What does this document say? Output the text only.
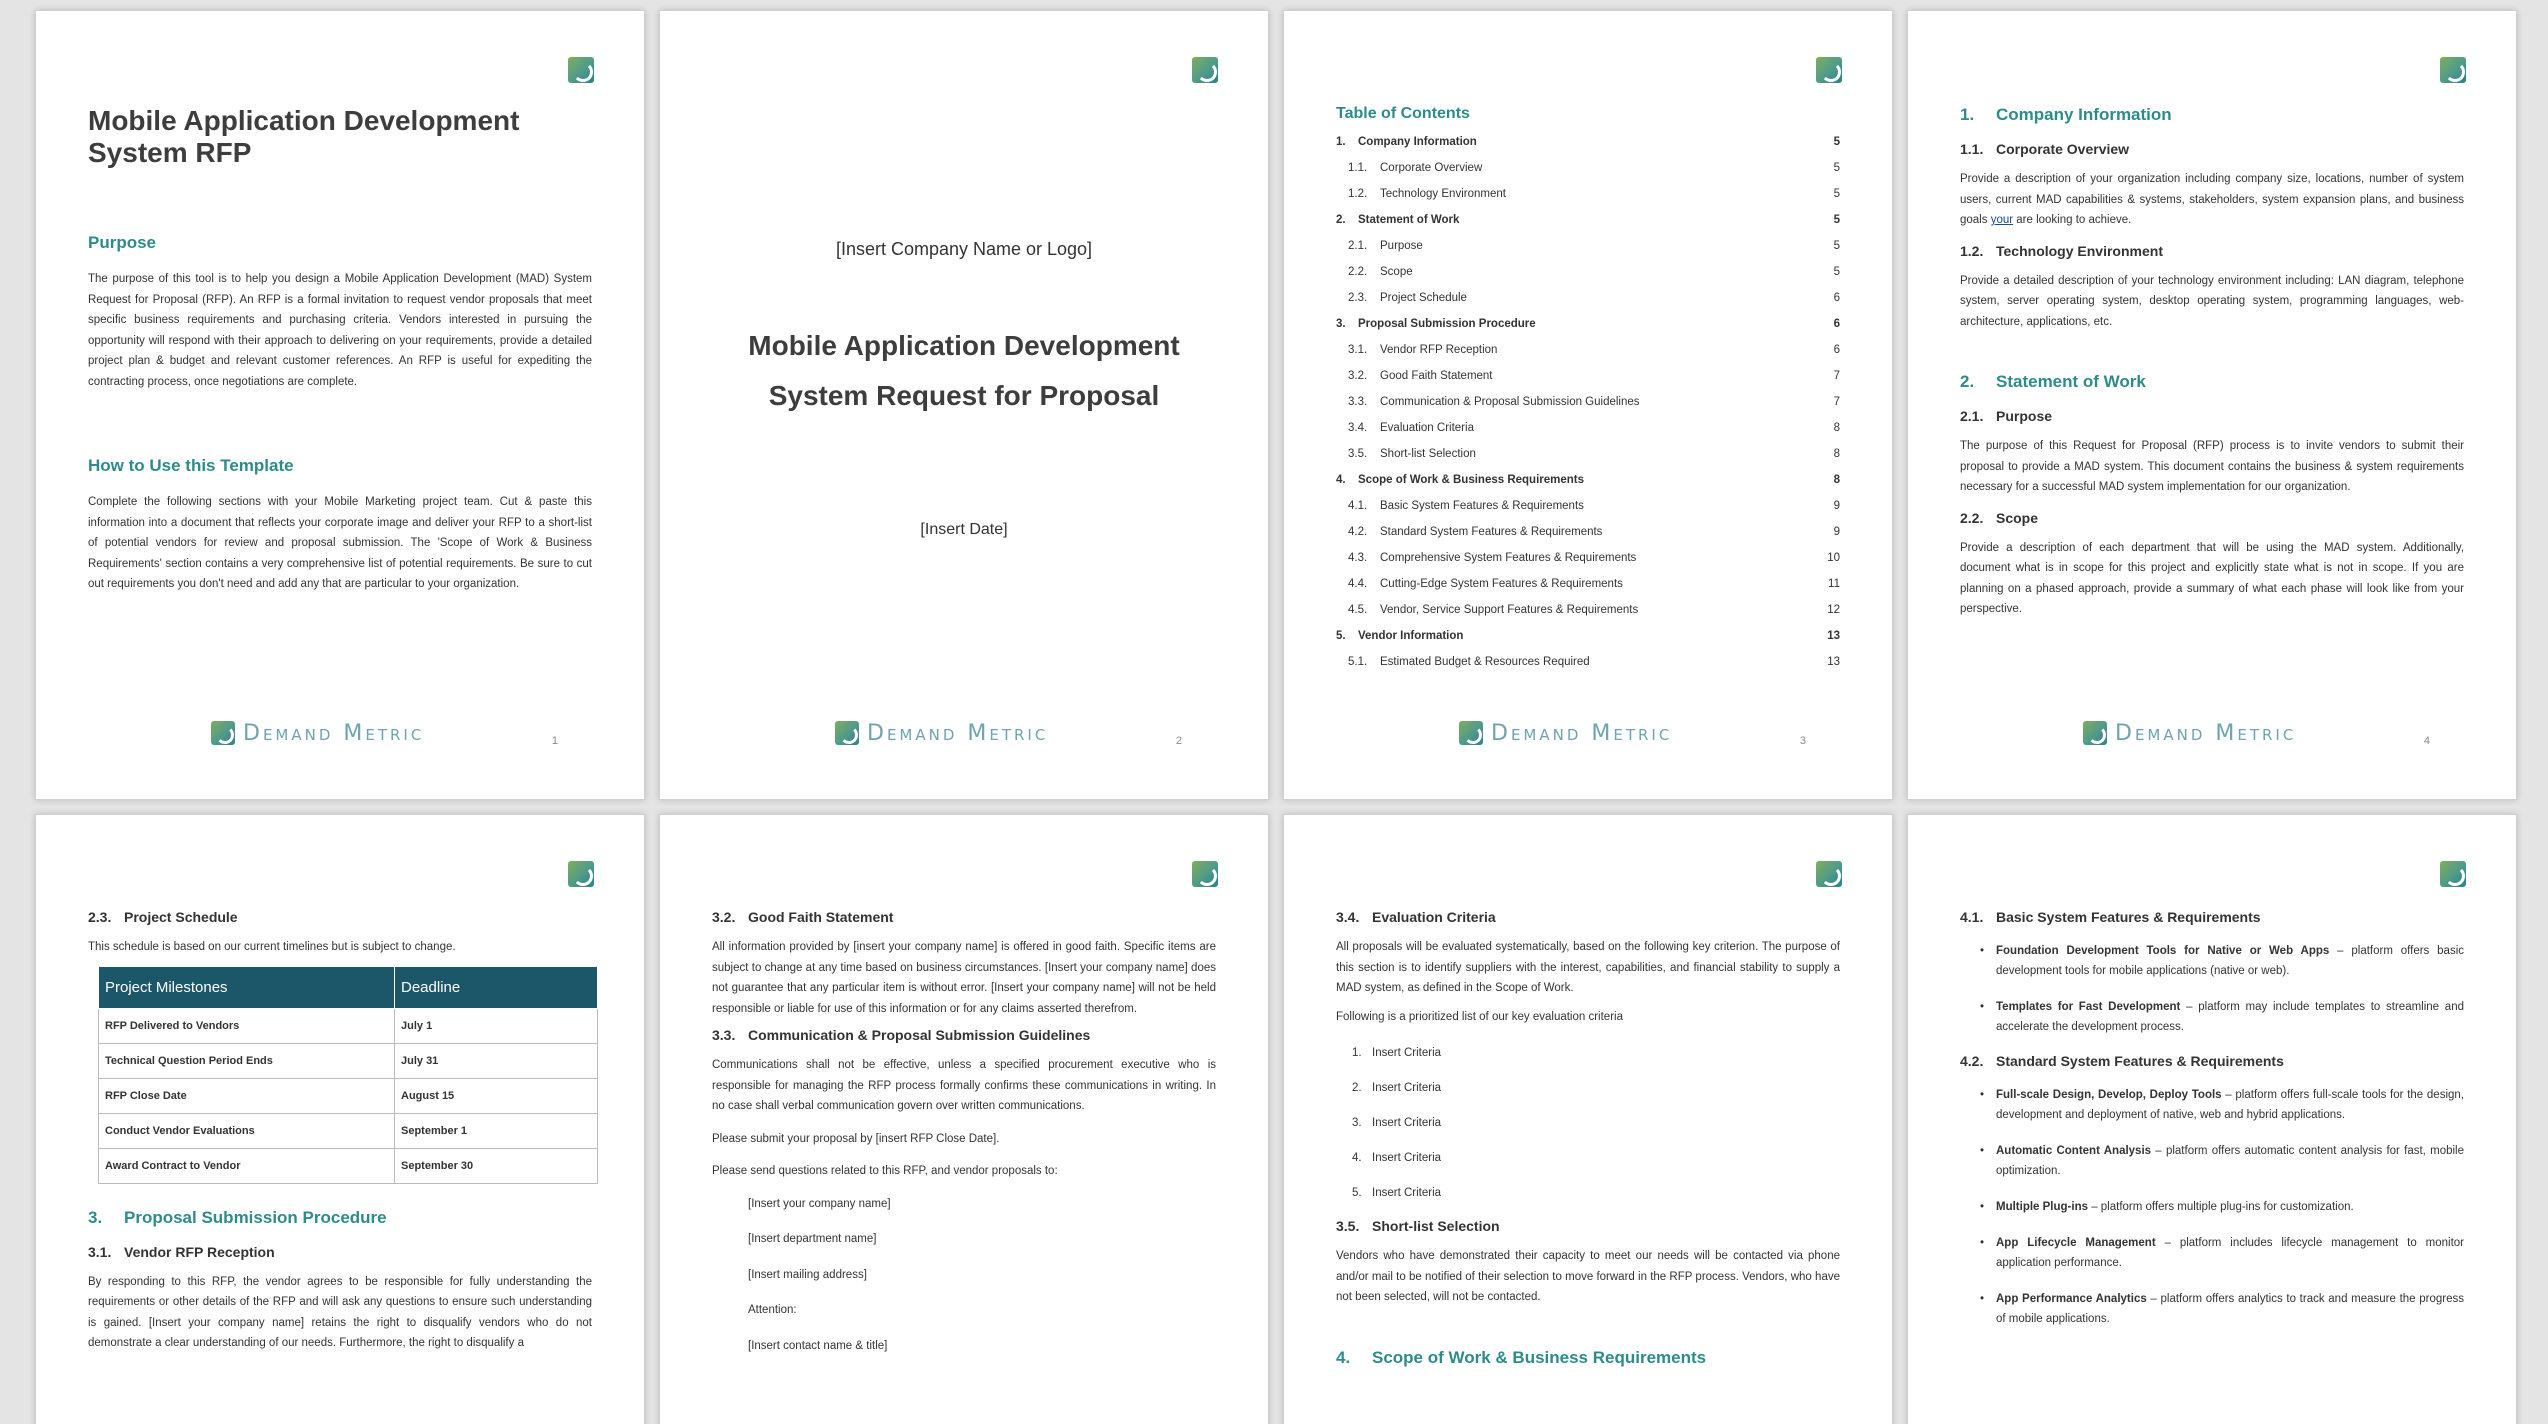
Mobile Application Development System RFP
Purpose
The purpose of this tool is to help you design a Mobile Application Development (MAD) System Request for Proposal (RFP). An RFP is a formal invitation to request vendor proposals that meet specific business requirements and purchasing criteria. Vendors interested in pursuing the opportunity will respond with their approach to delivering on your requirements, provide a detailed project plan & budget and relevant customer references. An RFP is useful for expediting the contracting process, once negotiations are complete.
How to Use this Template
Complete the following sections with your Mobile Marketing project team. Cut & paste this information into a document that reflects your corporate image and deliver your RFP to a short-list of potential vendors for review and proposal submission. The 'Scope of Work & Business Requirements' section contains a very comprehensive list of potential requirements. Be sure to cut out requirements you don't need and add any that are particular to your organization.
Demand Metric	1
[Insert Company Name or Logo]
Mobile Application Development
System Request for Proposal
[Insert Date]
Demand Metric	2
Table of Contents
1. Company Information	5
1.1. Corporate Overview	5
1.2. Technology Environment	5
2. Statement of Work	5
2.1. Purpose	5
2.2. Scope	5
2.3. Project Schedule	6
3. Proposal Submission Procedure	6
3.1. Vendor RFP Reception	6
3.2. Good Faith Statement	7
3.3. Communication & Proposal Submission Guidelines	7
3.4. Evaluation Criteria	8
3.5. Short-list Selection	8
4. Scope of Work & Business Requirements	8
4.1. Basic System Features & Requirements	9
4.2. Standard System Features & Requirements	9
4.3. Comprehensive System Features & Requirements	10
4.4. Cutting-Edge System Features & Requirements	11
4.5. Vendor, Service Support Features & Requirements	12
5. Vendor Information	13
5.1. Estimated Budget & Resources Required	13
Demand Metric	3
1. Company Information
1.1. Corporate Overview
Provide a description of your organization including company size, locations, number of system users, current MAD capabilities & systems, stakeholders, system expansion plans, and business goals your are looking to achieve.
1.2. Technology Environment
Provide a detailed description of your technology environment including: LAN diagram, telephone system, server operating system, desktop operating system, programming languages, web-architecture, applications, etc.
2. Statement of Work
2.1. Purpose
The purpose of this Request for Proposal (RFP) process is to invite vendors to submit their proposal to provide a MAD system. This document contains the business & system requirements necessary for a successful MAD system implementation for our organization.
2.2. Scope
Provide a description of each department that will be using the MAD system. Additionally, document what is in scope for this project and explicitly state what is not in scope. If you are planning on a phased approach, provide a summary of what each phase will look like from your perspective.
Demand Metric	4
2.3. Project Schedule
This schedule is based on our current timelines but is subject to change.
Project Milestones	Deadline
RFP Delivered to Vendors	July 1
Technical Question Period Ends	July 31
RFP Close Date	August 15
Conduct Vendor Evaluations	September 1
Award Contract to Vendor	September 30
3. Proposal Submission Procedure
3.1. Vendor RFP Reception
By responding to this RFP, the vendor agrees to be responsible for fully understanding the requirements or other details of the RFP and will ask any questions to ensure such understanding is gained. [Insert your company name] retains the right to disqualify vendors who do not demonstrate a clear understanding of our needs. Furthermore, the right to disqualify a
3.2. Good Faith Statement
All information provided by [insert your company name] is offered in good faith. Specific items are subject to change at any time based on business circumstances. [Insert your company name] does not guarantee that any particular item is without error. [Insert your company name] will not be held responsible or liable for use of this information or for any claims asserted therefrom.
3.3. Communication & Proposal Submission Guidelines
Communications shall not be effective, unless a specified procurement executive who is responsible for managing the RFP process formally confirms these communications in writing. In no case shall verbal communication govern over written communications.
Please submit your proposal by [insert RFP Close Date].
Please send questions related to this RFP, and vendor proposals to:
[Insert your company name]
[Insert department name]
[Insert mailing address]
Attention:
[Insert contact name & title]
3.4. Evaluation Criteria
All proposals will be evaluated systematically, based on the following key criterion. The purpose of this section is to identify suppliers with the interest, capabilities, and financial stability to supply a MAD system, as defined in the Scope of Work.
Following is a prioritized list of our key evaluation criteria
1. Insert Criteria
2. Insert Criteria
3. Insert Criteria
4. Insert Criteria
5. Insert Criteria
3.5. Short-list Selection
Vendors who have demonstrated their capacity to meet our needs will be contacted via phone and/or mail to be notified of their selection to move forward in the RFP process. Vendors, who have not been selected, will not be contacted.
4. Scope of Work & Business Requirements
4.1. Basic System Features & Requirements
• Foundation Development Tools for Native or Web Apps – platform offers basic development tools for mobile applications (native or web).
• Templates for Fast Development – platform may include templates to streamline and accelerate the development process.
4.2. Standard System Features & Requirements
• Full-scale Design, Develop, Deploy Tools – platform offers full-scale tools for the design, development and deployment of native, web and hybrid applications.
• Automatic Content Analysis – platform offers automatic content analysis for fast, mobile optimization.
• Multiple Plug-ins – platform offers multiple plug-ins for customization.
• App Lifecycle Management – platform includes lifecycle management to monitor application performance.
• App Performance Analytics – platform offers analytics to track and measure the progress of mobile applications.
